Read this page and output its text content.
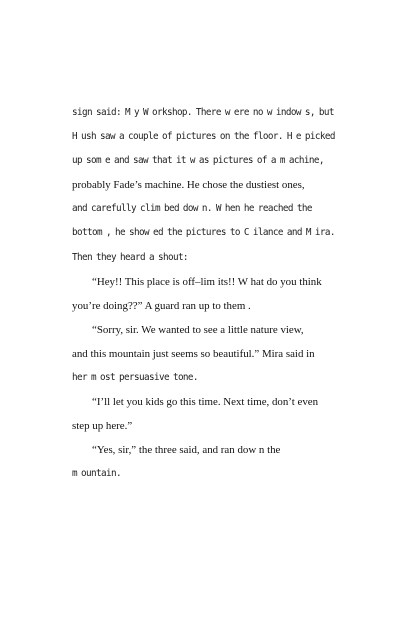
sign said: M y W orkshop. There w ere no w indow s, but
H ush saw a couple of pictures on the floor. H e picked
up som e and saw that it w as pictures of a m achine,
probably Fade’s machine. He chose the dustiest ones,
and carefully clim bed dow n. W hen he reached the
bottom , he show ed the pictures to C ilance and M ira.
Then they heard a shout:
“Hey!! This place is off–lim its!! W hat do you think
you’re doing??” A guard ran up to them .
“Sorry, sir. We wanted to see a little nature view,
and this mountain just seems so beautiful.” Mira said in
her m ost persuasive tone.
“I’ll let you kids go this time. Next time, don’t even
step up here.”
“Yes, sir,” the three said, and ran dow n the
m ountain.
